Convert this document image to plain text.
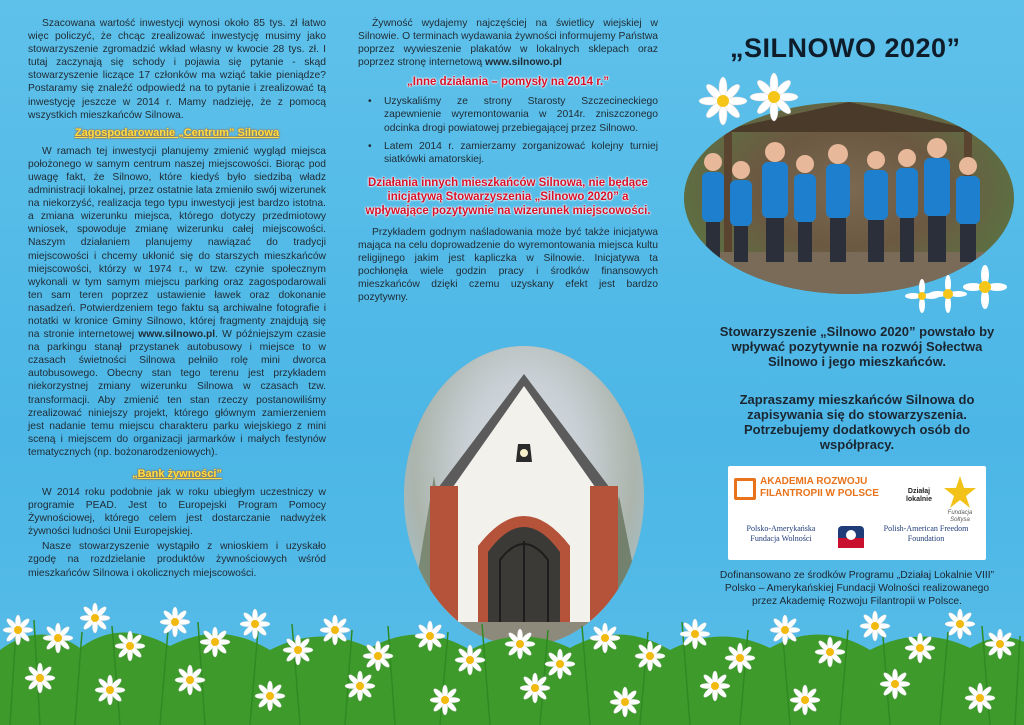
Szacowana wartość inwestycji wynosi około 85 tys. zł łatwo więc policzyć, że chcąc zrealizować inwestycję musimy jako stowarzyszenie zgromadzić wkład własny w kwocie 28 tys. zł. I tutaj zaczynają się schody i pojawia się pytanie - skąd stowarzyszenie liczące 17 członków ma wziąć takie pieniądze? Postaramy się znaleźć odpowiedź na to pytanie i zrealizować tą inwestycję jeszcze w 2014 r. Mamy nadzieję, że z pomocą wszystkich mieszkańców Silnowa.

Zagospodarowanie „Centrum” Silnowa

W ramach tej inwestycji planujemy zmienić wygląd miejsca położonego w samym centrum naszej miejscowości. Biorąc pod uwagę fakt, że Silnowo, które kiedyś było siedzibą władz administracji lokalnej, przez ostatnie lata zmieniło swój wizerunek na niekorzyść, realizacja tego typu inwestycji jest bardzo istotna. a zmiana wizerunku miejsca, którego dotyczy przedmiotowy wniosek, spowoduje zmianę wizerunku całej miejscowości. Naszym działaniem planujemy nawiązać do tradycji miejscowości i chcemy ukłonić się do starszych mieszkańców miejscowości, którzy w 1974 r., w tzw. czynie społecznym wykonali w tym samym miejscu parking oraz zagospodarowali ten sam teren poprzez ustawienie ławek oraz dokonanie nasadzeń. Potwierdzeniem tego faktu są archiwalne fotografie i notatki w kronice Gminy Silnowo, której fragmenty znajdują się na stronie internetowej www.silnowo.pl. W późniejszym czasie na parkingu stanął przystanek autobusowy i miejsce to w czasach świetności Silnowa pełniło rolę mini dworca autobusowego. Obecny stan tego terenu jest przykładem niekorzystnej zmiany wizerunku Silnowa w czasach tzw. transformacji. Aby zmienić ten stan rzeczy postanowiliśmy zrealizować niniejszy projekt, którego głównym zamierzeniem jest nadanie temu miejscu charakteru parku wiejskiego z mini sceną i miejscem do organizacji jarmarków i małych festynów tematycznych (np. bożonarodzeniowych).

„Bank żywności”

W 2014 roku podobnie jak w roku ubiegłym uczestniczy w programie PEAD. Jest to Europejski Program Pomocy Żywnościowej, którego celem jest dostarczanie nadwyżek żywności ludności Unii Europejskiej.

Nasze stowarzyszenie wystąpiło z wnioskiem i uzyskało zgodę na rozdzielanie produktów żywnościowych wśród mieszkańców Silnowa i okolicznych miejscowości.

Żywność wydajemy najczęściej na świetlicy wiejskiej w Silnowie. O terminach wydawania żywności informujemy Państwa poprzez wywieszenie plakatów w lokalnych sklepach oraz poprzez stronę internetową www.silnowo.pl

„Inne działania – pomysły na 2014 r.”
• Uzyskaliśmy ze strony Starosty Szczecineckiego zapewnienie wyremontowania w 2014r. zniszczonego odcinka drogi powiatowej przebiegającej przez Silnowo.
• Latem 2014 r. zamierzamy zorganizować kolejny turniej siatkówki amatorskiej.
Działania innych mieszkańców Silnowa, nie będące inicjatywą Stowarzyszenia „Silnowo 2020” a wpływające pozytywnie na wizerunek miejscowości.

Przykładem godnym naśladowania może być także inicjatywa mająca na celu doprowadzenie do wyremontowania miejsca kultu religijnego jakim jest kapliczka w Silnowie. Inicjatywa ta pochłonęła wiele godzin pracy i środków finansowych mieszkańców dzięki czemu uzyskany efekt jest bardzo pozytywny.

„SILNOWO 2020”
Stowarzyszenie „Silnowo 2020” powstało by wpływać pozytywnie na rozwój Sołectwa Silnowo i jego mieszkańców.
Zapraszamy mieszkańców Silnowa do zapisywania się do stowarzyszenia. Potrzebujemy dodatkowych osób do współpracy.
AKADEMIA ROZWOJU FILANTROPII W POLSCE	Działaj lokalnie
Fundacja Sołtysa
Polsko-Amerykańska Fundacja Wolności
Polish-American Freedom Foundation
Dofinansowano ze środków Programu „Działaj Lokalnie VIII” Polsko – Amerykańskiej Fundacji Wolności realizowanego przez Akademię Rozwoju Filantropii w Polsce.
